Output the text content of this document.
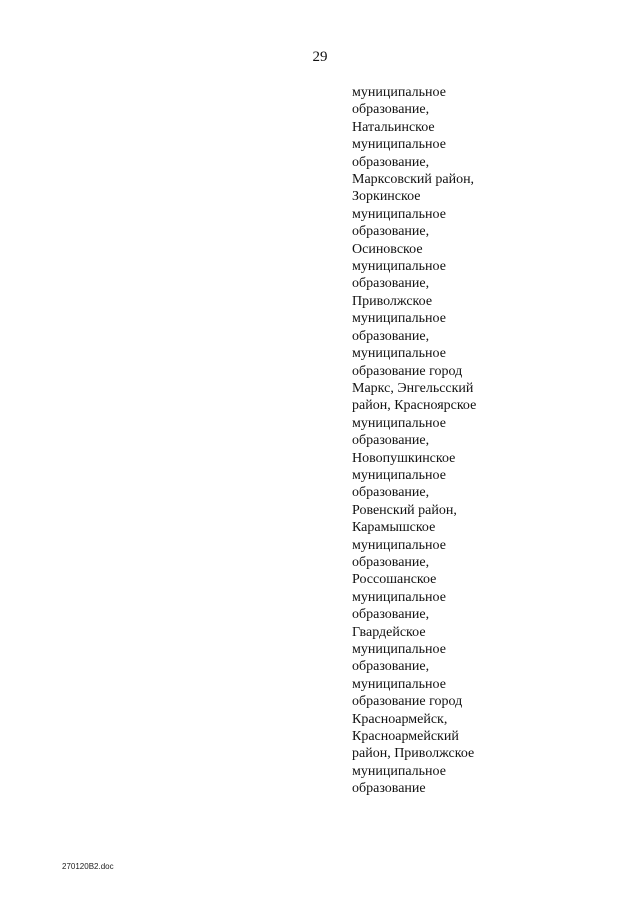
29
муниципальное
образование,
Натальинское
муниципальное
образование,
Марксовский район,
Зоркинское
муниципальное
образование,
Осиновское
муниципальное
образование,
Приволжское
муниципальное
образование,
муниципальное
образование город
Маркс, Энгельсский
район, Красноярское
муниципальное
образование,
Новопушкинское
муниципальное
образование,
Ровенский район,
Карамышское
муниципальное
образование,
Россошанское
муниципальное
образование,
Гвардейское
муниципальное
образование,
муниципальное
образование город
Красноармейск,
Красноармейский
район, Приволжское
муниципальное
образование
270120В2.doc
